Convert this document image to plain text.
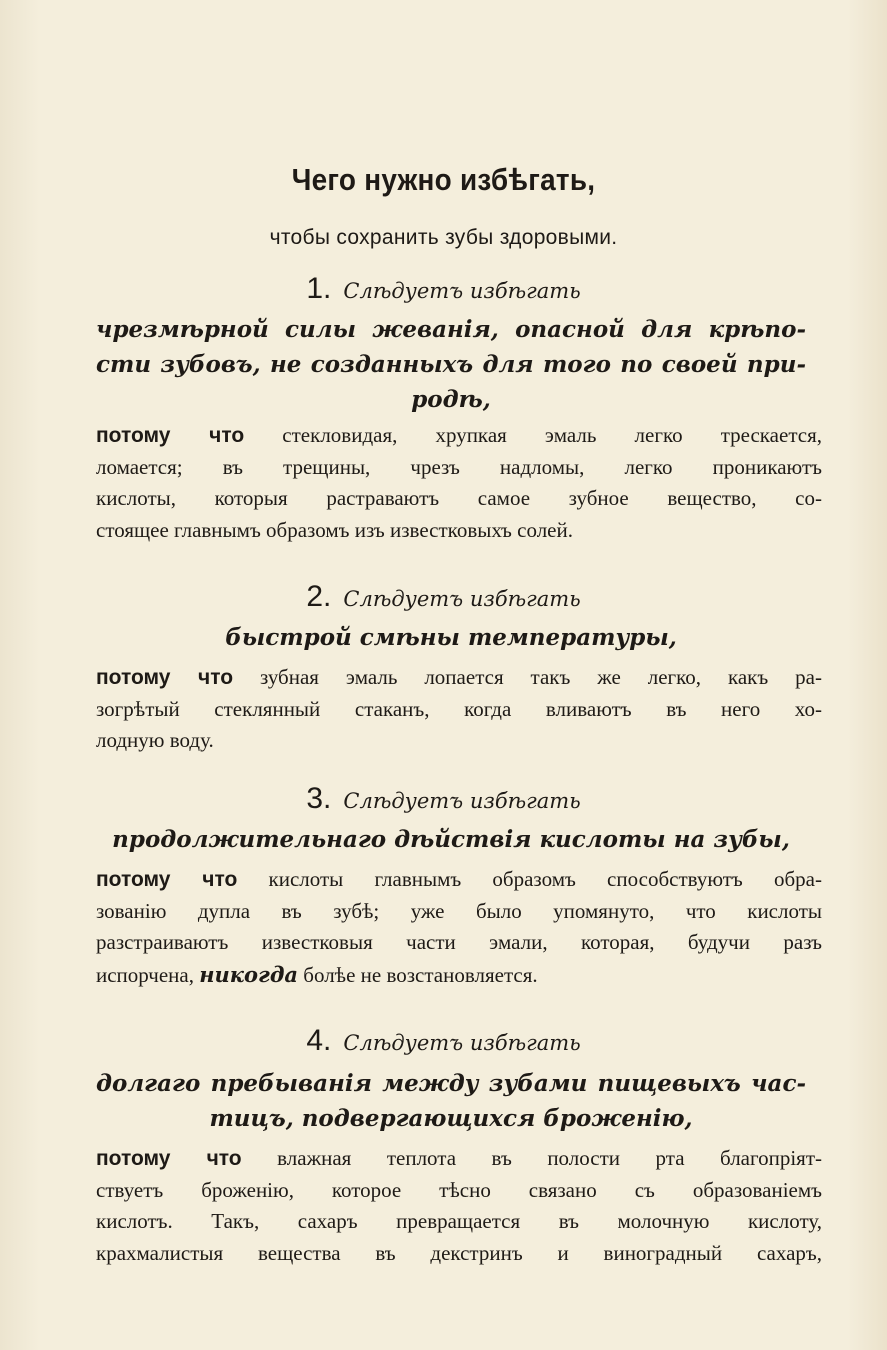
Чего нужно избѣгать,
чтобы сохранить зубы здоровыми.
1. Слѣдуетъ избѣгать
чрезмѣрной силы жеванія, опасной для крѣпо-
сти зубовъ, не созданныхъ для того по своей при-
родѣ,
потому что стекловидая, хрупкая эмаль легко трескается,
ломается; въ трещины, чрезъ надломы, легко проникаютъ
кислоты, которыя растрaваютъ самое зубное вещество, со-
стоящее главнымъ образомъ изъ известковыхъ солей.
2. Слѣдуетъ избѣгать
быстрой смѣны температуры,
потому что зубная эмаль лопается такъ же легко, какъ ра-
зогрѣтый стеклянный стаканъ, когда вливаютъ въ него хо-
лодную воду.
3. Слѣдуетъ избѣгать
продолжительнаго дѣйствія кислоты на зубы,
потому что кислоты главнымъ образомъ способствуютъ обра-
зованію дупла въ зубѣ; уже было упомянуто, что кислоты
разстраиваютъ известковыя части эмали, которая, будучи разъ
испорчена, никогда болѣе не возстановляется.
4. Слѣдуетъ избѣгать
долгаго пребыванія между зубами пищевыхъ час-
тицъ, подвергающихся броженію,
потому что влажная теплота въ полости рта благопріят-
ствуетъ броженію, которое тѣсно связано съ образованіемъ
кислотъ. Такъ, сахаръ превращается въ молочную кислоту,
крахмалистыя вещества въ декстринъ и виноградный сахаръ,
